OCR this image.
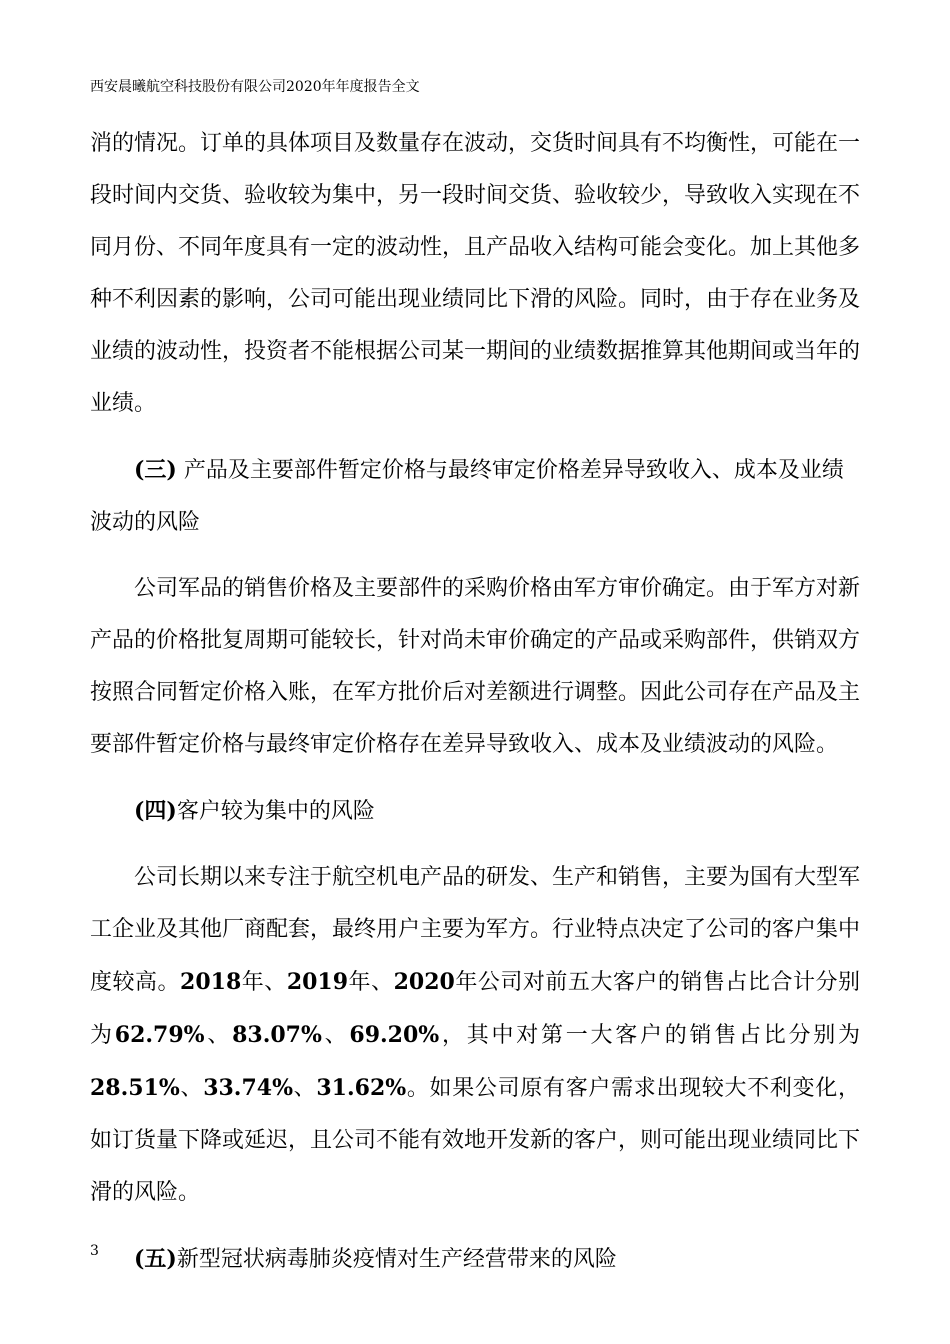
西安晨曦航空科技股份有限公司2020年年度报告全文

消的情况。订单的具体项目及数量存在波动，交货时间具有不均衡性，可能在一段时间内交货、验收较为集中，另一段时间交货、验收较少，导致收入实现在不同月份、不同年度具有一定的波动性，且产品收入结构可能会变化。加上其他多种不利因素的影响，公司可能出现业绩同比下滑的风险。同时，由于存在业务及业绩的波动性，投资者不能根据公司某一期间的业绩数据推算其他期间或当年的业绩。

(三) 产品及主要部件暂定价格与最终审定价格差异导致收入、成本及业绩波动的风险

公司军品的销售价格及主要部件的采购价格由军方审价确定。由于军方对新产品的价格批复周期可能较长，针对尚未审价确定的产品或采购部件，供销双方按照合同暂定价格入账，在军方批价后对差额进行调整。因此公司存在产品及主要部件暂定价格与最终审定价格存在差异导致收入、成本及业绩波动的风险。

(四)客户较为集中的风险

公司长期以来专注于航空机电产品的研发、生产和销售，主要为国有大型军工企业及其他厂商配套，最终用户主要为军方。行业特点决定了公司的客户集中度较高。2018年、2019年、2020年公司对前五大客户的销售占比合计分别为62.79%、83.07%、69.20%，其中对第一大客户的销售占比分别为28.51%、33.74%、31.62%。如果公司原有客户需求出现较大不利变化，如订货量下降或延迟，且公司不能有效地开发新的客户，则可能出现业绩同比下滑的风险。

(五)新型冠状病毒肺炎疫情对生产经营带来的风险

3
